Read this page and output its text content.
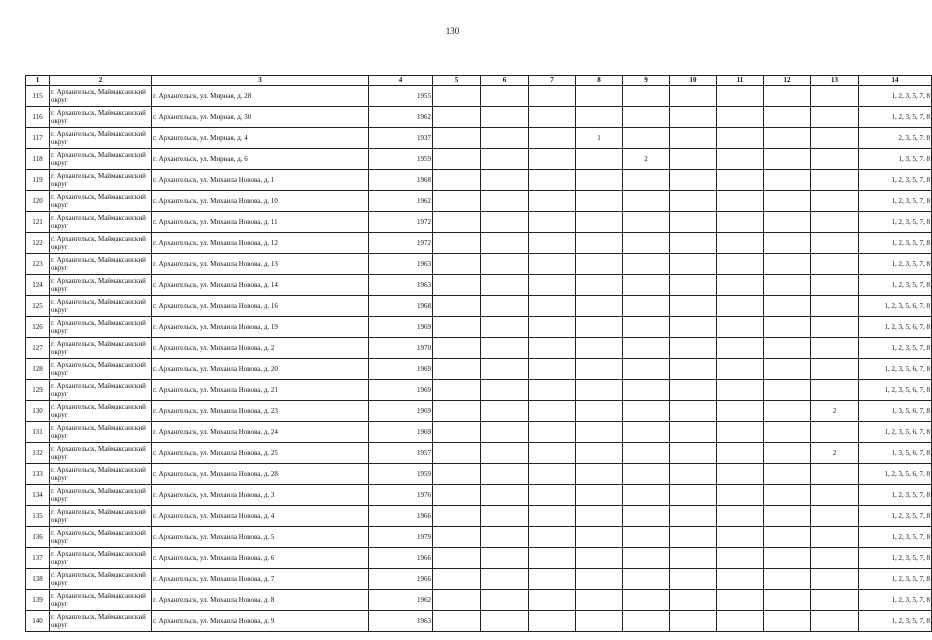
130
1	2	3	4	5	6	7	8	9	10	11	12	13	14
115	г. Архангельск, Маймаксанский округ	г. Архангельск, ул. Мирная, д. 28	1955										1, 2, 3, 5, 7, 8
116	г. Архангельск, Маймаксанский округ	г. Архангельск, ул. Мирная, д. 30	1962										1, 2, 3, 5, 7, 8
117	г. Архангельск, Маймаксанский округ	г. Архангельск, ул. Мирная, д. 4	1937				1						2, 3, 5, 7. 8
118	г. Архангельск, Маймаксанский округ	г. Архангельск, ул. Мирная, д. 6	1959					2					1, 3, 5, 7. 8
119	г. Архангельск, Маймаксанский округ	г. Архангельск, ул. Михаила Новова, д. 1	1968										1, 2, 3, 5, 7, 8
120	г. Архангельск, Маймаксанский округ	г. Архангельск, ул. Михаила Новова, д. 10	1962										1, 2, 3, 5, 7, 8
121	г. Архангельск, Маймаксанский округ	г. Архангельск, ул. Михаила Новова, д. 11	1972										1, 2, 3, 5, 7, 8
122	г. Архангельск, Маймаксанский округ	г. Архангельск, ул. Михаила Новова, д. 12	1972										1, 2, 3, 5, 7, 8
123	г. Архангельск, Маймаксанский округ	г. Архангельск, ул. Михаила Новова, д. 13	1963										1, 2, 3, 5, 7, 8
124	г. Архангельск, Маймаксанский округ	г. Архангельск, ул. Михаила Новова, д. 14	1963										1, 2, 3, 5, 7, 8
125	г. Архангельск, Маймаксанский округ	г. Архангельск, ул. Михаила Новова, д. 16	1968										1, 2, 3, 5, 6, 7, 8
126	г. Архангельск, Маймаксанский округ	г. Архангельск, ул. Михаила Новова, д. 19	1969										1, 2, 3, 5, 6, 7, 8
127	г. Архангельск, Маймаксанский округ	г. Архангельск, ул. Михаила Новова, д. 2	1970										1, 2, 3, 5, 7, 8
128	г. Архангельск, Маймаксанский округ	г. Архангельск, ул. Михаила Новова, д. 20	1969										1, 2, 3, 5, 6, 7, 8
129	г. Архангельск, Маймаксанский округ	г. Архангельск, ул. Михаила Новова, д. 21	1969										1, 2, 3, 5, 6, 7, 8
130	г. Архангельск, Маймаксанский округ	г. Архангельск, ул. Михаила Новова, д. 23	1969									2	1, 3, 5, 6, 7, 8
131	г. Архангельск, Маймаксанский округ	г. Архангельск, ул. Михаила Новова, д. 24	1969										1, 2, 3, 5, 6, 7, 8
132	г. Архангельск, Маймаксанский округ	г. Архангельск, ул. Михаила Новова, д. 25	1957									2	1, 3, 5, 6, 7, 8
133	г. Архангельск, Маймаксанский округ	г. Архангельск, ул. Михаила Новова, д. 28	1959										1, 2, 3, 5, 6, 7, 8
134	г. Архангельск, Маймаксанский округ	г. Архангельск, ул. Михаила Новова, д. 3	1976										1, 2, 3, 5, 7, 8
135	г. Архангельск, Маймаксанский округ	г. Архангельск, ул. Михаила Новова, д. 4	1966										1, 2, 3, 5, 7, 8
136	г. Архангельск, Маймаксанский округ	г. Архангельск, ул. Михаила Новова, д. 5	1979										1, 2, 3, 5, 7, 8
137	г. Архангельск, Маймаксанский округ	г. Архангельск, ул. Михаила Новова, д. 6	1966										1, 2, 3, 5, 7, 8
138	г. Архангельск, Маймаксанский округ	г. Архангельск, ул. Михаила Новова, д. 7	1966										1, 2, 3, 5, 7, 8
139	г. Архангельск, Маймаксанский округ	г. Архангельск, ул. Михаила Новова, д. 8	1962										1, 2, 3, 5, 7, 8
140	г. Архангельск, Маймаксанский округ	г. Архангельск, ул. Михаила Новова, д. 9	1963										1, 2, 3, 5, 7, 8
